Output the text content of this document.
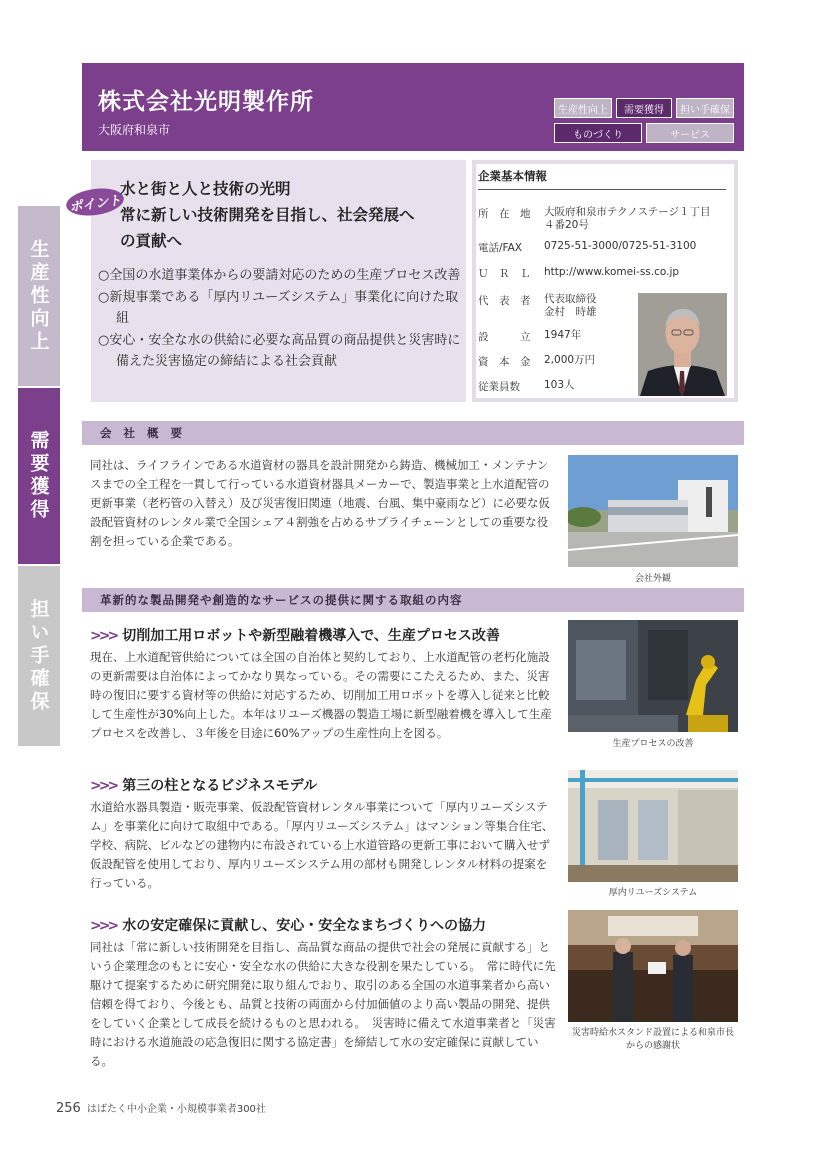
生産性向上
需要獲得
担い手確保
株式会社光明製作所
大阪府和泉市
生産性向上	需要獲得	担い手確保
ものづくり	サービス
ポイント
水と街と人と技術の光明
常に新しい技術開発を目指し、社会発展へ
の貢献へ
○全国の水道事業体からの要請対応のための生産プロセス改善
○新規事業である「厚内リユーズシステム」事業化に向けた取組
○安心・安全な水の供給に必要な高品質の商品提供と災害時に備えた災害協定の締結による社会貢献
企業基本情報
所　在　地 大阪府和泉市テクノステージ１丁目
４番20号
電話/FAX 0725-51-3000/0725-51-3100
Ｕ　Ｒ　Ｌ http://www.komei-ss.co.jp
代　表　者 代表取締役
金村　時雄
設　　　立 1947年
資　本　金 2,000万円
従業員数 103人
会 社 概 要
同社は、ライフラインである水道資材の器具を設計開発から鋳造、機械加工・メンテナンスまでの全工程を一貫して行っている水道資材器具メーカーで、製造事業と上水道配管の更新事業（老朽管の入替え）及び災害復旧関連（地震、台風、集中豪雨など）に必要な仮設配管資材のレンタル業で全国シェア４割強を占めるサプライチェーンとしての重要な役割を担っている企業である。
会社外観
革新的な製品開発や創造的なサービスの提供に関する取組の内容
>>> 切削加工用ロボットや新型融着機導入で、生産プロセス改善
現在、上水道配管供給については全国の自治体と契約しており、上水道配管の老朽化施設の更新需要は自治体によってかなり異なっている。その需要にこたえるため、また、災害時の復旧に要する資材等の供給に対応するため、切削加工用ロボットを導入し従来と比較して生産性が30%向上した。本年はリユーズ機器の製造工場に新型融着機を導入して生産プロセスを改善し、３年後を目途に60%アップの生産性向上を図る。
生産プロセスの改善
>>> 第三の柱となるビジネスモデル
水道給水器具製造・販売事業、仮設配管資材レンタル事業について「厚内リユーズシステム」を事業化に向けて取組中である。「厚内リユーズシステム」はマンション等集合住宅、学校、病院、ビルなどの建物内に布設されている上水道管路の更新工事において購入せず仮設配管を使用しており、厚内リユーズシステム用の部材も開発しレンタル材料の提案を行っている。
厚内リユーズシステム
>>> 水の安定確保に貢献し、安心・安全なまちづくりへの協力
同社は「常に新しい技術開発を目指し、高品質な商品の提供で社会の発展に貢献する」という企業理念のもとに安心・安全な水の供給に大きな役割を果たしている。　常に時代に先駆けて提案するために研究開発に取り組んでおり、取引のある全国の水道事業者から高い信頼を得ており、今後とも、品質と技術の両面から付加価値のより高い製品の開発、提供をしていく企業として成長を続けるものと思われる。　災害時に備えて水道事業者と「災害時における水道施設の応急復旧に関する協定書」を締結して水の安定確保に貢献している。
災害時給水スタンド設置による和泉市長からの感謝状
256 はばたく中小企業・小規模事業者300社
